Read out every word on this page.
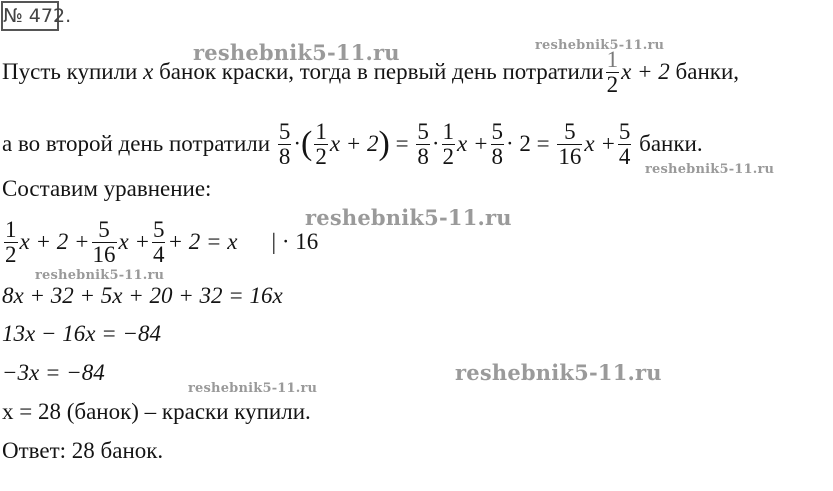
№ 472.
reshebnik5-11.ru	reshebnik5-11.ru
reshebnik5-11.ru
reshebnik5-11.ru
reshebnik5-11.ru
reshebnik5-11.ru
reshebnik5-11.ru
Пусть купили
x
банок краски, тогда в первый день потратили $\frac{1}{2}$ x + 2
банки,
а во второй день потратили
$\frac{5}{8}$ · ( $\frac{1}{2}$ x + 2 )
=
$\frac{5}{8} \cdot \frac{1}{2}$ $x + \frac{5}{8} \cdot 2$ =
$\frac{5}{16}$ $x + \frac{5}{4}$
банки.
Составим уравнение:
$\frac{1}{2}$ $x + 2 + \frac{5}{16}$ $x + \frac{5}{4} + 2 = x$ | · 16
8x + 32 + 5x + 20 + 32 = 16x
13x − 16x = −84
−3x = −84
x = 28 (банок) – краски купили.
Ответ: 28 банок.
